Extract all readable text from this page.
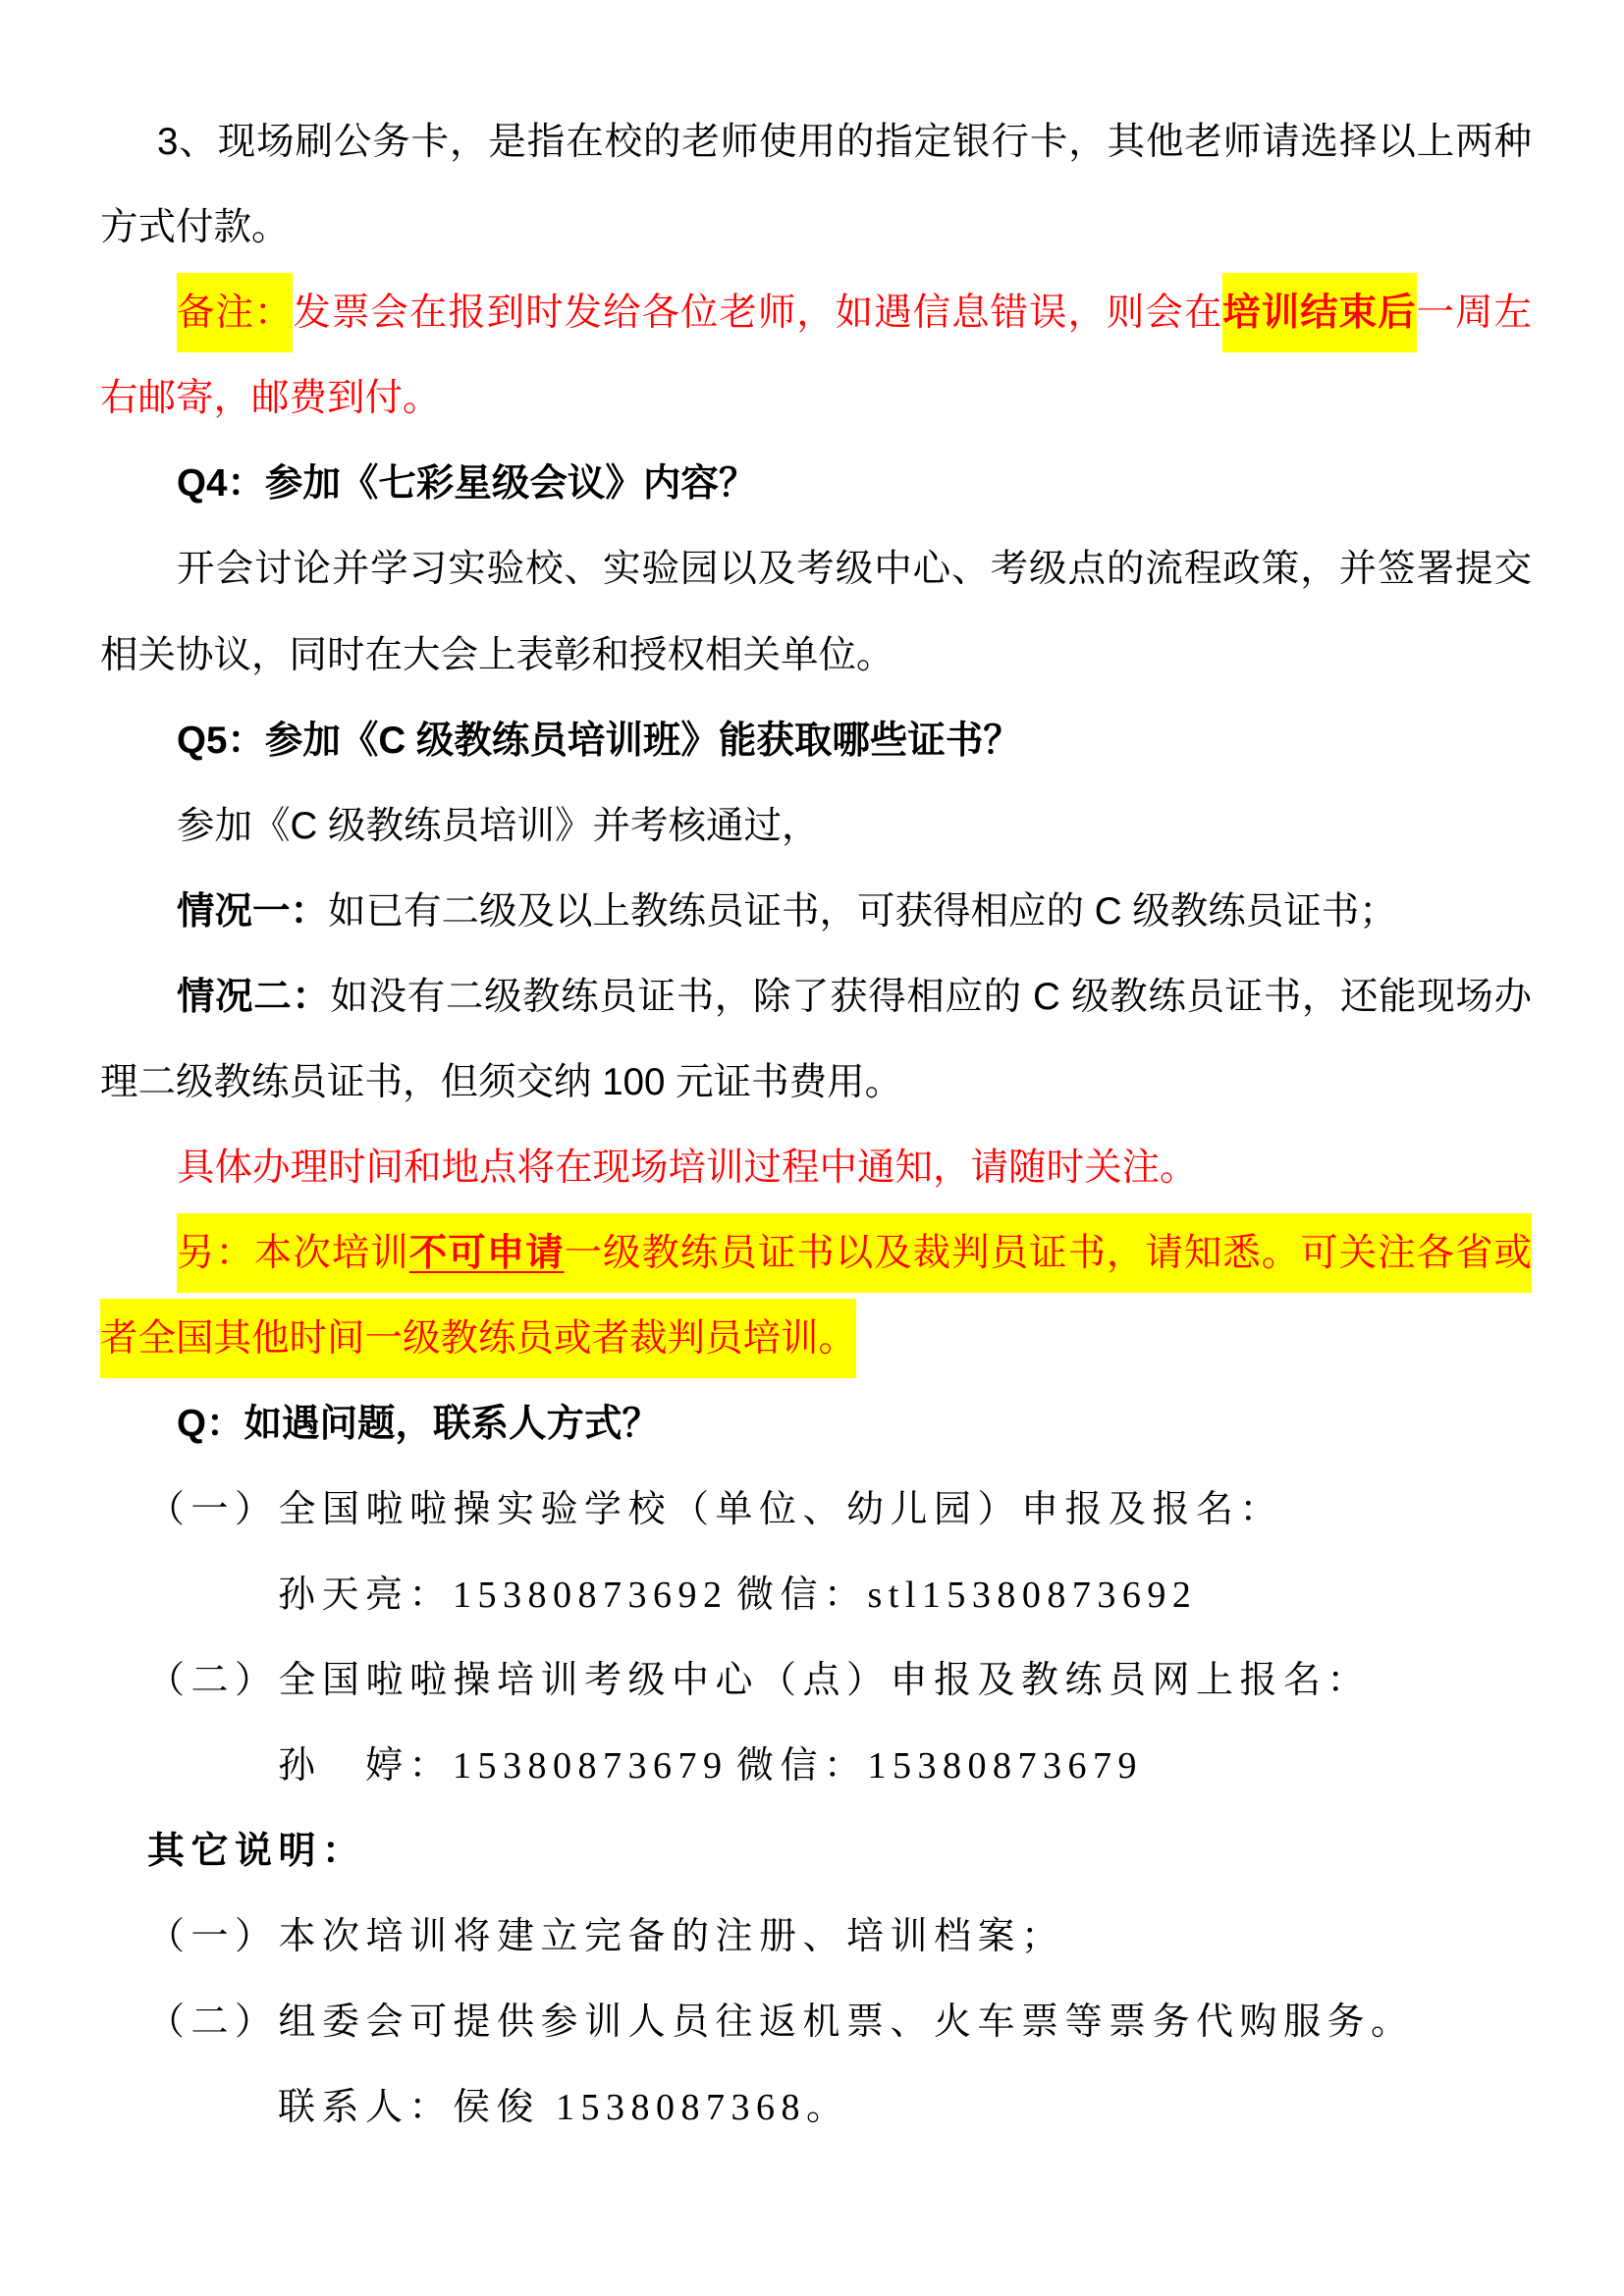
3、现场刷公务卡，是指在校的老师使用的指定银行卡，其他老师请选择以上两种
方式付款。
备注：发票会在报到时发给各位老师，如遇信息错误，则会在培训结束后一周左
右邮寄，邮费到付。
Q4：参加《七彩星级会议》内容？
开会讨论并学习实验校、实验园以及考级中心、考级点的流程政策，并签署提交
相关协议，同时在大会上表彰和授权相关单位。
Q5：参加《C 级教练员培训班》能获取哪些证书？
参加《C 级教练员培训》并考核通过，
情况一：如已有二级及以上教练员证书，可获得相应的 C 级教练员证书；
情况二：如没有二级教练员证书，除了获得相应的 C 级教练员证书，还能现场办
理二级教练员证书，但须交纳 100 元证书费用。
具体办理时间和地点将在现场培训过程中通知，请随时关注。
另：本次培训不可申请一级教练员证书以及裁判员证书，请知悉。可关注各省或
者全国其他时间一级教练员或者裁判员培训。
Q：如遇问题，联系人方式？
（一）全国啦啦操实验学校（单位、幼儿园）申报及报名：
孙天亮：15380873692 微信：stl15380873692
（二）全国啦啦操培训考级中心（点）申报及教练员网上报名：
孙　婷：15380873679 微信：15380873679
其它说明：
（一）本次培训将建立完备的注册、培训档案；
（二）组委会可提供参训人员往返机票、火车票等票务代购服务。
联系人：侯俊 1538087368。
